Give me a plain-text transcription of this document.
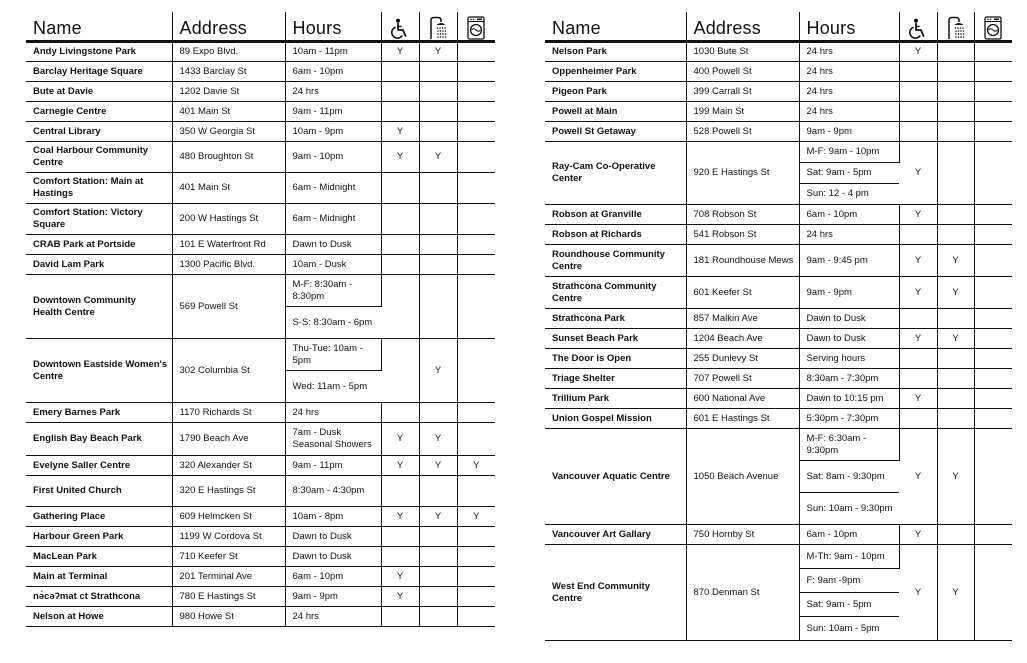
Name	Address	Hours			
Andy Livingstone Park	89 Expo Blvd.	10am - 11pm	Y	Y	
Barclay Heritage Square	1433 Barclay St	6am - 10pm			
Bute at Davie	1202 Davie St	24 hrs			
Carnegie Centre	401 Main St	9am - 11pm			
Central Library	350 W Georgia St	10am - 9pm	Y		
Coal Harbour Community Centre	480 Broughton St	9am - 10pm	Y	Y	
Comfort Station: Main at Hastings	401 Main St	6am - Midnight			
Comfort Station: Victory Square	200 W Hastings St	6am - Midnight			
CRAB Park at Portside	101 E Waterfront Rd	Dawn to Dusk			
David Lam Park	1300 Pacific Blvd.	10am - Dusk			
Downtown Community Health Centre	569 Powell St	M-F: 8:30am - 8:30pm			
		S-S: 8:30am - 6pm			
Downtown Eastside Women's Centre	302 Columbia St	Thu-Tue: 10am - 5pm		Y	
		Wed: 11am - 5pm			
Emery Barnes Park	1170 Richards St	24 hrs			
English Bay Beach Park	1790 Beach Ave	7am - Dusk Seasonal Showers	Y	Y	
Evelyne Saller Centre	320 Alexander St	9am - 11pm	Y	Y	Y
First United Church	320 E Hastings St	8:30am - 4:30pm			
Gathering Place	609 Helmcken St	10am - 8pm	Y	Y	Y
Harbour Green Park	1199 W Cordova St	Dawn to Dusk			
MacLean Park	710 Keefer St	Dawn to Dusk			
Main at Terminal	201 Terminal Ave	6am - 10pm	Y		
nə́cəʔmat ct Strathcona	780 E Hastings St	9am - 9pm	Y		
Nelson at Howe	980 Howe St	24 hrs			
Name	Address	Hours			
Nelson Park	1030 Bute St	24 hrs	Y		
Oppenheimer Park	400 Powell St	24 hrs			
Pigeon Park	399 Carrall St	24 hrs			
Powell at Main	199 Main St	24 hrs			
Powell St Getaway	528 Powell St	9am - 9pm			
Ray-Cam Co-Operative Center	920 E Hastings St	M-F: 9am - 10pm	Y		
		Sat: 9am - 5pm			
		Sun: 12 - 4 pm			
Robson at Granville	708 Robson St	6am - 10pm	Y		
Robson at Richards	541 Robson St	24 hrs			
Roundhouse Community Centre	181 Roundhouse Mews	9am - 9:45 pm	Y	Y	
Strathcona Community Centre	601 Keefer St	9am - 9pm	Y	Y	
Strathcona Park	857 Malkin Ave	Dawn to Dusk			
Sunset Beach Park	1204 Beach Ave	Dawn to Dusk	Y	Y	
The Door is Open	255 Dunlevy St	Serving hours			
Triage Shelter	707 Powell St	8:30am - 7:30pm			
Trillium Park	600 National Ave	Dawn to 10:15 pm	Y		
Union Gospel Mission	601 E Hastings St	5:30pm - 7:30pm			
Vancouver Aquatic Centre	1050 Beach Avenue	M-F: 6:30am - 9:30pm	Y	Y	
		Sat: 8am - 9:30pm			
		Sun: 10am - 9:30pm			
Vancouver Art Gallary	750 Hornby St	6am - 10pm	Y		
West End Community Centre	870 Denman St	M-Th: 9am - 10pm	Y	Y	
		F: 9am -9pm			
		Sat: 9am - 5pm			
		Sun: 10am - 5pm			
